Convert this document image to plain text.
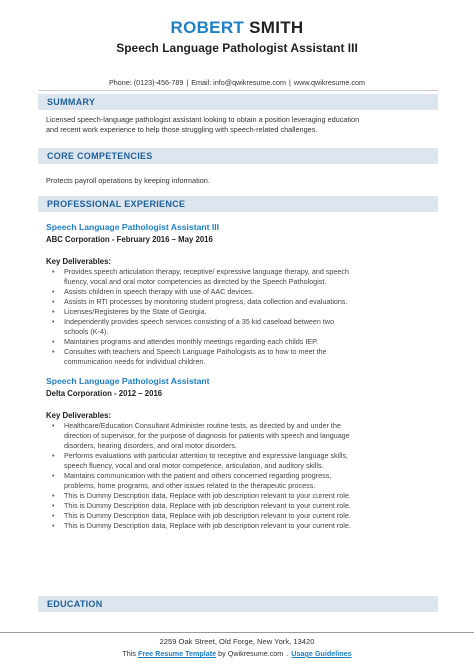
ROBERT SMITH
Speech Language Pathologist Assistant III
Phone: (0123)-456-789 | Email: info@qwikresume.com | www.qwikresume.com
SUMMARY
Licensed speech-language pathologist assistant looking to obtain a position leveraging education
and recent work experience to help those struggling with speech-related challenges.
CORE COMPETENCIES
Protects payroll operations by keeping information.
PROFESSIONAL EXPERIENCE
Speech Language Pathologist Assistant III
ABC Corporation - February 2016 – May 2016
Key Deliverables:
• Provides speech articulation therapy, receptive/ expressive language therapy, and speech
fluency, vocal and oral motor competencies as directed by the Speech Pathologist.
• Assists children in speech therapy with use of AAC devices.
• Assists in RTI processes by monitoring student progress, data collection and evaluations.
• Licenses/Registeres by the State of Georgia.
• Independently provides speech services consisting of a 35 kid caseload between two
schools (K-4).
• Maintaines programs and attendes monthly meetings regarding each childs IEP.
• Consultes with teachers and Speech Language Pathologists as to how to meet the
communication needs for individual children.
Speech Language Pathologist Assistant
Delta Corporation - 2012 – 2016
Key Deliverables:
• Healthcare/Education Consultant Administer routine tests, as directed by and under the
direction of supervisor, for the purpose of diagnosis for patients with speech and language
disorders, hearing disorders, and oral motor disorders.
• Performs evaluations with particular attention to receptive and expressive language skills,
speech fluency, vocal and oral motor competence, articulation, and auditory skills.
• Maintains communication with the patient and others concerned regarding progress,
problems, home programs, and other issues related to the therapeutic process.
• This is Dummy Description data, Replace with job description relevant to your current role.
• This is Dummy Description data, Replace with job description relevant to your current role.
• This is Dummy Description data, Replace with job description relevant to your current role.
• This is Dummy Description data, Replace with job description relevant to your current role.
EDUCATION
2259 Oak Street, Old Forge, New York, 13420
This Free Resume Template by Qwikresume.com . Usage Guidelines
